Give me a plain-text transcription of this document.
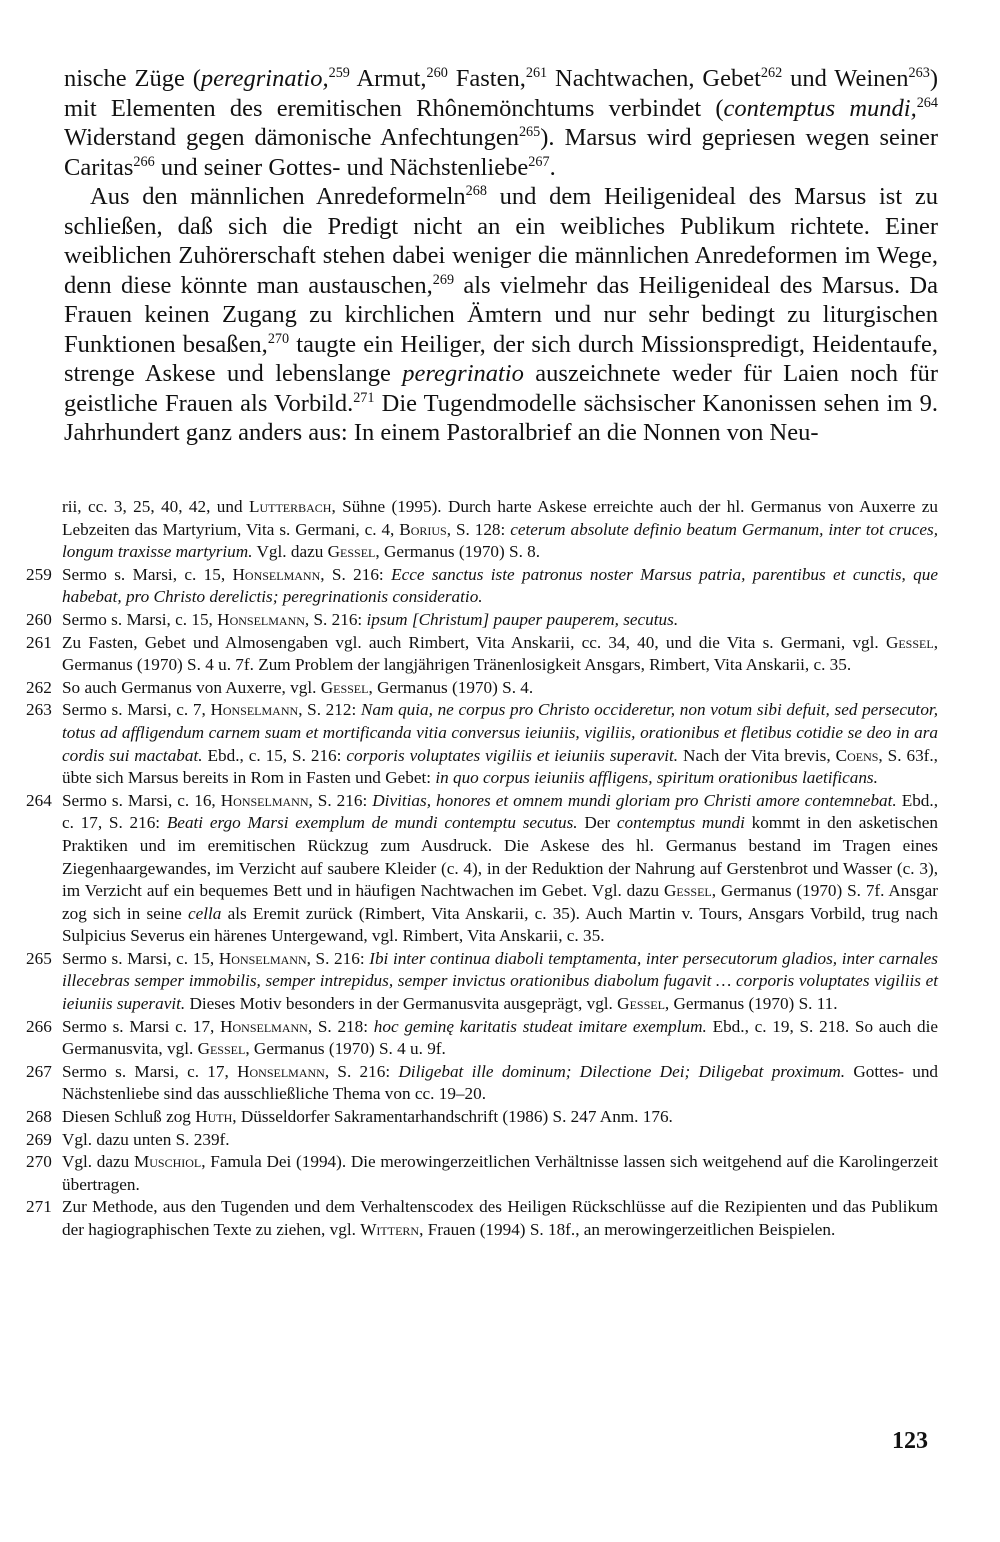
nische Züge (peregrinatio,$^{259}$ Armut,$^{260}$ Fasten,$^{261}$ Nachtwachen, Gebet$^{262}$ und Weinen$^{263}$) mit Elementen des eremitischen Rhônemönchtums verbindet (contemptus mundi,$^{264}$ Widerstand gegen dämonische Anfechtungen$^{265}$). Marsus wird gepriesen wegen seiner Caritas$^{266}$ und seiner Gottes- und Nächstenliebe$^{267}$.

Aus den männlichen Anredeformeln$^{268}$ und dem Heiligenideal des Marsus ist zu schließen, daß sich die Predigt nicht an ein weibliches Publikum richtete. Einer weiblichen Zuhörerschaft stehen dabei weniger die männlichen Anredeformen im Wege, denn diese könnte man austauschen,$^{269}$ als vielmehr das Heiligenideal des Marsus. Da Frauen keinen Zugang zu kirchlichen Ämtern und nur sehr bedingt zu liturgischen Funktionen besaßen,$^{270}$ taugte ein Heiliger, der sich durch Missionspredigt, Heidentaufe, strenge Askese und lebenslange peregrinatio auszeichnete weder für Laien noch für geistliche Frauen als Vorbild.$^{271}$ Die Tugendmodelle sächsischer Kanonissen sehen im 9. Jahrhundert ganz anders aus: In einem Pastoralbrief an die Nonnen von Neu-

rii, cc. 3, 25, 40, 42, und Lutterbach, Sühne (1995). Durch harte Askese erreichte auch der hl. Germanus von Auxerre zu Lebzeiten das Martyrium, Vita s. Germani, c. 4, Borius, S. 128: ceterum absolute definio beatum Germanum, inter tot cruces, longum traxisse martyrium. Vgl. dazu Gessel, Germanus (1970) S. 8.
259 Sermo s. Marsi, c. 15, Honselmann, S. 216: Ecce sanctus iste patronus noster Marsus patria, parentibus et cunctis, que habebat, pro Christo derelictis; peregrinationis consideratio.
260 Sermo s. Marsi, c. 15, Honselmann, S. 216: ipsum [Christum] pauper pauperem, secutus.
261 Zu Fasten, Gebet und Almosengaben vgl. auch Rimbert, Vita Anskarii, cc. 34, 40, und die Vita s. Germani, vgl. Gessel, Germanus (1970) S. 4 u. 7f. Zum Problem der langjährigen Tränenlosigkeit Ansgars, Rimbert, Vita Anskarii, c. 35.
262 So auch Germanus von Auxerre, vgl. Gessel, Germanus (1970) S. 4.
263 Sermo s. Marsi, c. 7, Honselmann, S. 212: Nam quia, ne corpus pro Christo occideretur, non votum sibi defuit, sed persecutor, totus ad affligendum carnem suam et mortificanda vitia conversus ieiuniis, vigiliis, orationibus et fletibus cotidie se deo in ara cordis sui mactabat. Ebd., c. 15, S. 216: corporis voluptates vigiliis et ieiuniis superavit. Nach der Vita brevis, Coens, S. 63f., übte sich Marsus bereits in Rom in Fasten und Gebet: in quo corpus ieiuniis affligens, spiritum orationibus laetificans.
264 Sermo s. Marsi, c. 16, Honselmann, S. 216: Divitias, honores et omnem mundi gloriam pro Christi amore contemnebat. Ebd., c. 17, S. 216: Beati ergo Marsi exemplum de mundi contemptu secutus. Der contemptus mundi kommt in den asketischen Praktiken und im eremitischen Rückzug zum Ausdruck. Die Askese des hl. Germanus bestand im Tragen eines Ziegenhaargewandes, im Verzicht auf saubere Kleider (c. 4), in der Reduktion der Nahrung auf Gerstenbrot und Wasser (c. 3), im Verzicht auf ein bequemes Bett und in häufigen Nachtwachen im Gebet. Vgl. dazu Gessel, Germanus (1970) S. 7f. Ansgar zog sich in seine cella als Eremit zurück (Rimbert, Vita Anskarii, c. 35). Auch Martin v. Tours, Ansgars Vorbild, trug nach Sulpicius Severus ein härenes Untergewand, vgl. Rimbert, Vita Anskarii, c. 35.
265 Sermo s. Marsi, c. 15, Honselmann, S. 216: Ibi inter continua diaboli temptamenta, inter persecutorum gladios, inter carnales illecebras semper immobilis, semper intrepidus, semper invictus orationibus diabolum fugavit … corporis voluptates vigiliis et ieiuniis superavit. Dieses Motiv besonders in der Germanusvita ausgeprägt, vgl. Gessel, Germanus (1970) S. 11.
266 Sermo s. Marsi c. 17, Honselmann, S. 218: hoc geminę karitatis studeat imitare exemplum. Ebd., c. 19, S. 218. So auch die Germanusvita, vgl. Gessel, Germanus (1970) S. 4 u. 9f.
267 Sermo s. Marsi, c. 17, Honselmann, S. 216: Diligebat ille dominum; Dilectione Dei; Diligebat proximum. Gottes- und Nächstenliebe sind das ausschließliche Thema von cc. 19–20.
268 Diesen Schluß zog Huth, Düsseldorfer Sakramentarhandschrift (1986) S. 247 Anm. 176.
269 Vgl. dazu unten S. 239f.
270 Vgl. dazu Muschiol, Famula Dei (1994). Die merowingerzeitlichen Verhältnisse lassen sich weitgehend auf die Karolingerzeit übertragen.
271 Zur Methode, aus den Tugenden und dem Verhaltenscodex des Heiligen Rückschlüsse auf die Rezipienten und das Publikum der hagiographischen Texte zu ziehen, vgl. Wittern, Frauen (1994) S. 18f., an merowingerzeitlichen Beispielen.
123
